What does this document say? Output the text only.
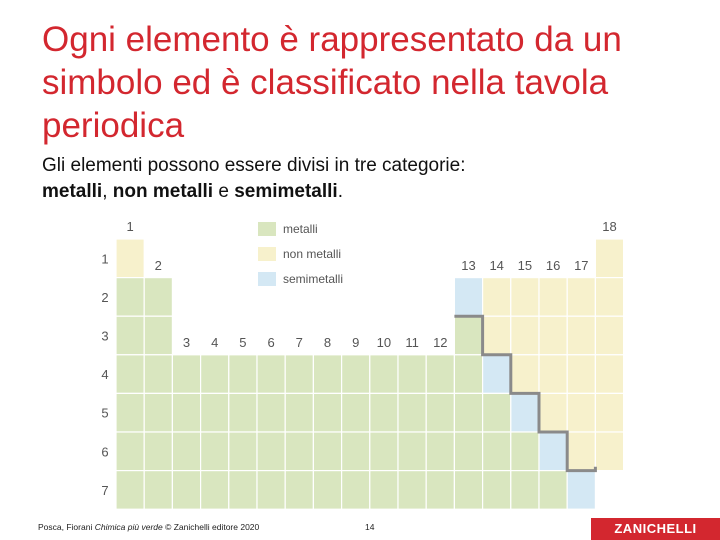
Ogni elemento è rappresentato da un simbolo ed è classificato nella tavola periodica
Gli elementi possono essere divisi in tre categorie:
metalli, non metalli e semimetalli.
1
2
3 4 5 6 7 8 9 10 11 12
13 14 15 16 17
18
1
2
3
4
5
6
7
metalli
non metalli
semimetalli
Posca, Fiorani Chimica più verde © Zanichelli editore 2020	14	ZANICHELLI
